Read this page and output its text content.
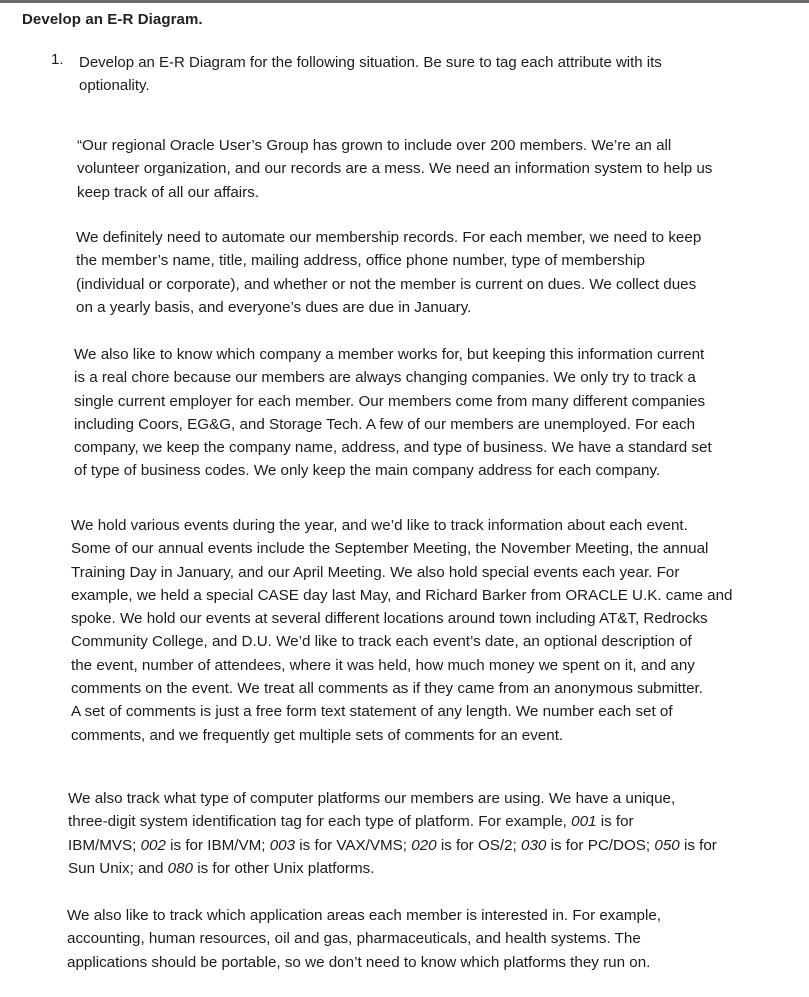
Develop an E-R Diagram.
1. Develop an E-R Diagram for the following situation. Be sure to tag each attribute with its
optionality.

“Our regional Oracle User’s Group has grown to include over 200 members. We’re an all
volunteer organization, and our records are a mess. We need an information system to help us
keep track of all our affairs.

We definitely need to automate our membership records. For each member, we need to keep
the member’s name, title, mailing address, office phone number, type of membership
(individual or corporate), and whether or not the member is current on dues. We collect dues
on a yearly basis, and everyone’s dues are due in January.

We also like to know which company a member works for, but keeping this information current
is a real chore because our members are always changing companies. We only try to track a
single current employer for each member. Our members come from many different companies
including Coors, EG&G, and Storage Tech. A few of our members are unemployed. For each
company, we keep the company name, address, and type of business. We have a standard set
of type of business codes. We only keep the main company address for each company.

We hold various events during the year, and we’d like to track information about each event.
Some of our annual events include the September Meeting, the November Meeting, the annual
Training Day in January, and our April Meeting. We also hold special events each year. For
example, we held a special CASE day last May, and Richard Barker from ORACLE U.K. came and
spoke. We hold our events at several different locations around town including AT&T, Redrocks
Community College, and D.U. We’d like to track each event’s date, an optional description of
the event, number of attendees, where it was held, how much money we spent on it, and any
comments on the event. We treat all comments as if they came from an anonymous submitter.
A set of comments is just a free form text statement of any length. We number each set of
comments, and we frequently get multiple sets of comments for an event.

We also track what type of computer platforms our members are using. We have a unique,
three-digit system identification tag for each type of platform. For example, 001 is for
IBM/MVS; 002 is for IBM/VM; 003 is for VAX/VMS; 020 is for OS/2; 030 is for PC/DOS; 050 is for
Sun Unix; and 080 is for other Unix platforms.

We also like to track which application areas each member is interested in. For example,
accounting, human resources, oil and gas, pharmaceuticals, and health systems. The
applications should be portable, so we don’t need to know which platforms they run on.
